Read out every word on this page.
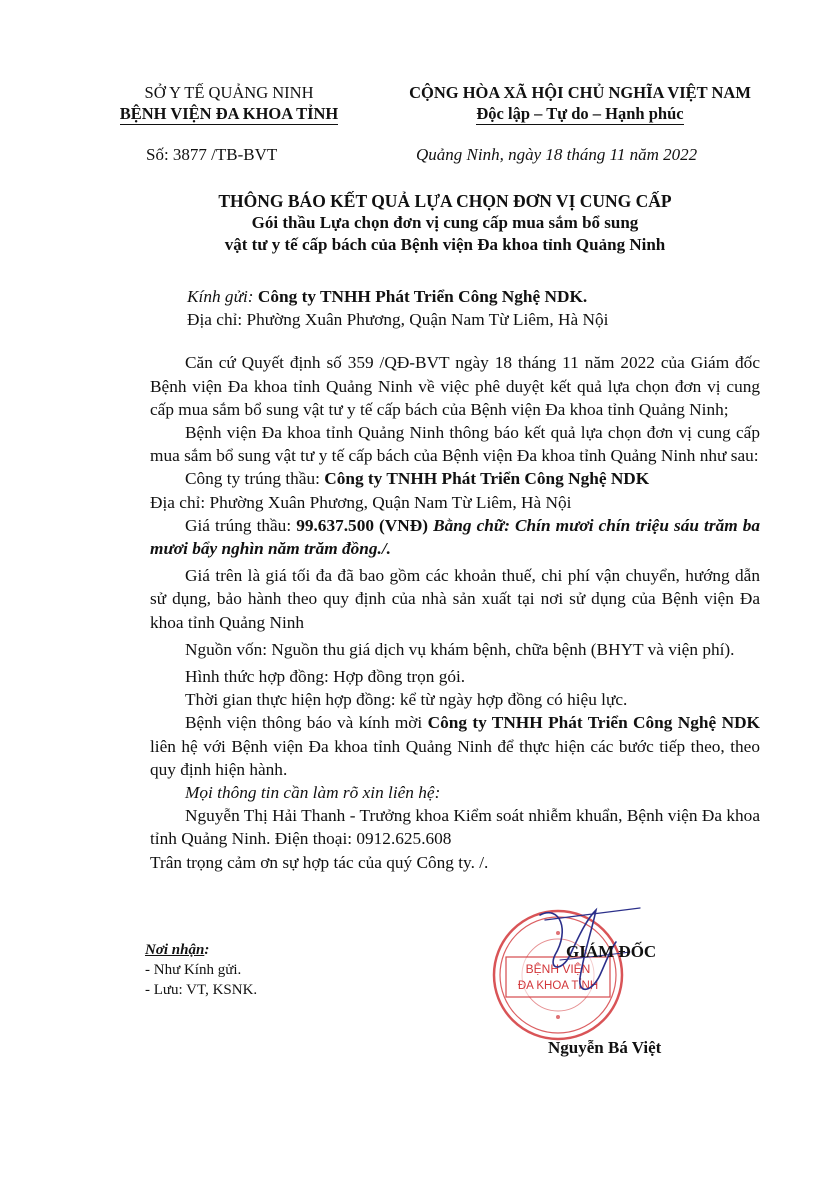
SỞ Y TẾ QUẢNG NINH
BỆNH VIỆN ĐA KHOA TỈNH
CỘNG HÒA XÃ HỘI CHỦ NGHĨA VIỆT NAM
Độc lập – Tự do – Hạnh phúc
Số: 3877 /TB-BVT	Quảng Ninh, ngày 18 tháng 11 năm 2022
THÔNG BÁO KẾT QUẢ LỰA CHỌN ĐƠN VỊ CUNG CẤP
Gói thầu Lựa chọn đơn vị cung cấp mua sắm bổ sung
vật tư y tế cấp bách của Bệnh viện Đa khoa tỉnh Quảng Ninh

Kính gửi: Công ty TNHH Phát Triển Công Nghệ NDK.

Địa chỉ: Phường Xuân Phương, Quận Nam Từ Liêm, Hà Nội

Căn cứ Quyết định số 359 /QĐ-BVT ngày 18 tháng 11 năm 2022 của Giám đốc Bệnh viện Đa khoa tỉnh Quảng Ninh về việc phê duyệt kết quả lựa chọn đơn vị cung cấp mua sắm bổ sung vật tư y tế cấp bách của Bệnh viện Đa khoa tỉnh Quảng Ninh;

Bệnh viện Đa khoa tỉnh Quảng Ninh thông báo kết quả lựa chọn đơn vị cung cấp mua sắm bổ sung vật tư y tế cấp bách của Bệnh viện Đa khoa tỉnh Quảng Ninh như sau:

Công ty trúng thầu: Công ty TNHH Phát Triển Công Nghệ NDK

Địa chỉ: Phường Xuân Phương, Quận Nam Từ Liêm, Hà Nội

Giá trúng thầu: 99.637.500 (VNĐ) Bằng chữ: Chín mươi chín triệu sáu trăm ba mươi bẩy nghìn năm trăm đồng./.

Giá trên là giá tối đa đã bao gồm các khoản thuế, chi phí vận chuyển, hướng dẫn sử dụng, bảo hành theo quy định của nhà sản xuất tại nơi sử dụng của Bệnh viện Đa khoa tỉnh Quảng Ninh

Nguồn vốn: Nguồn thu giá dịch vụ khám bệnh, chữa bệnh (BHYT và viện phí).

Hình thức hợp đồng: Hợp đồng trọn gói.

Thời gian thực hiện hợp đồng: kể từ ngày hợp đồng có hiệu lực.

Bệnh viện thông báo và kính mời Công ty TNHH Phát Triển Công Nghệ NDK liên hệ với Bệnh viện Đa khoa tỉnh Quảng Ninh để thực hiện các bước tiếp theo, theo quy định hiện hành.

Mọi thông tin cần làm rõ xin liên hệ:

Nguyễn Thị Hải Thanh - Trưởng khoa Kiểm soát nhiễm khuẩn, Bệnh viện Đa khoa tỉnh Quảng Ninh. Điện thoại: 0912.625.608

Trân trọng cảm ơn sự hợp tác của quý Công ty. /.

Nơi nhận:
- Như Kính gửi.
- Lưu: VT, KSNK.
BỆNH VIỆN
ĐA KHOA TỈNH
GIÁM ĐỐC
Nguyễn Bá Việt
